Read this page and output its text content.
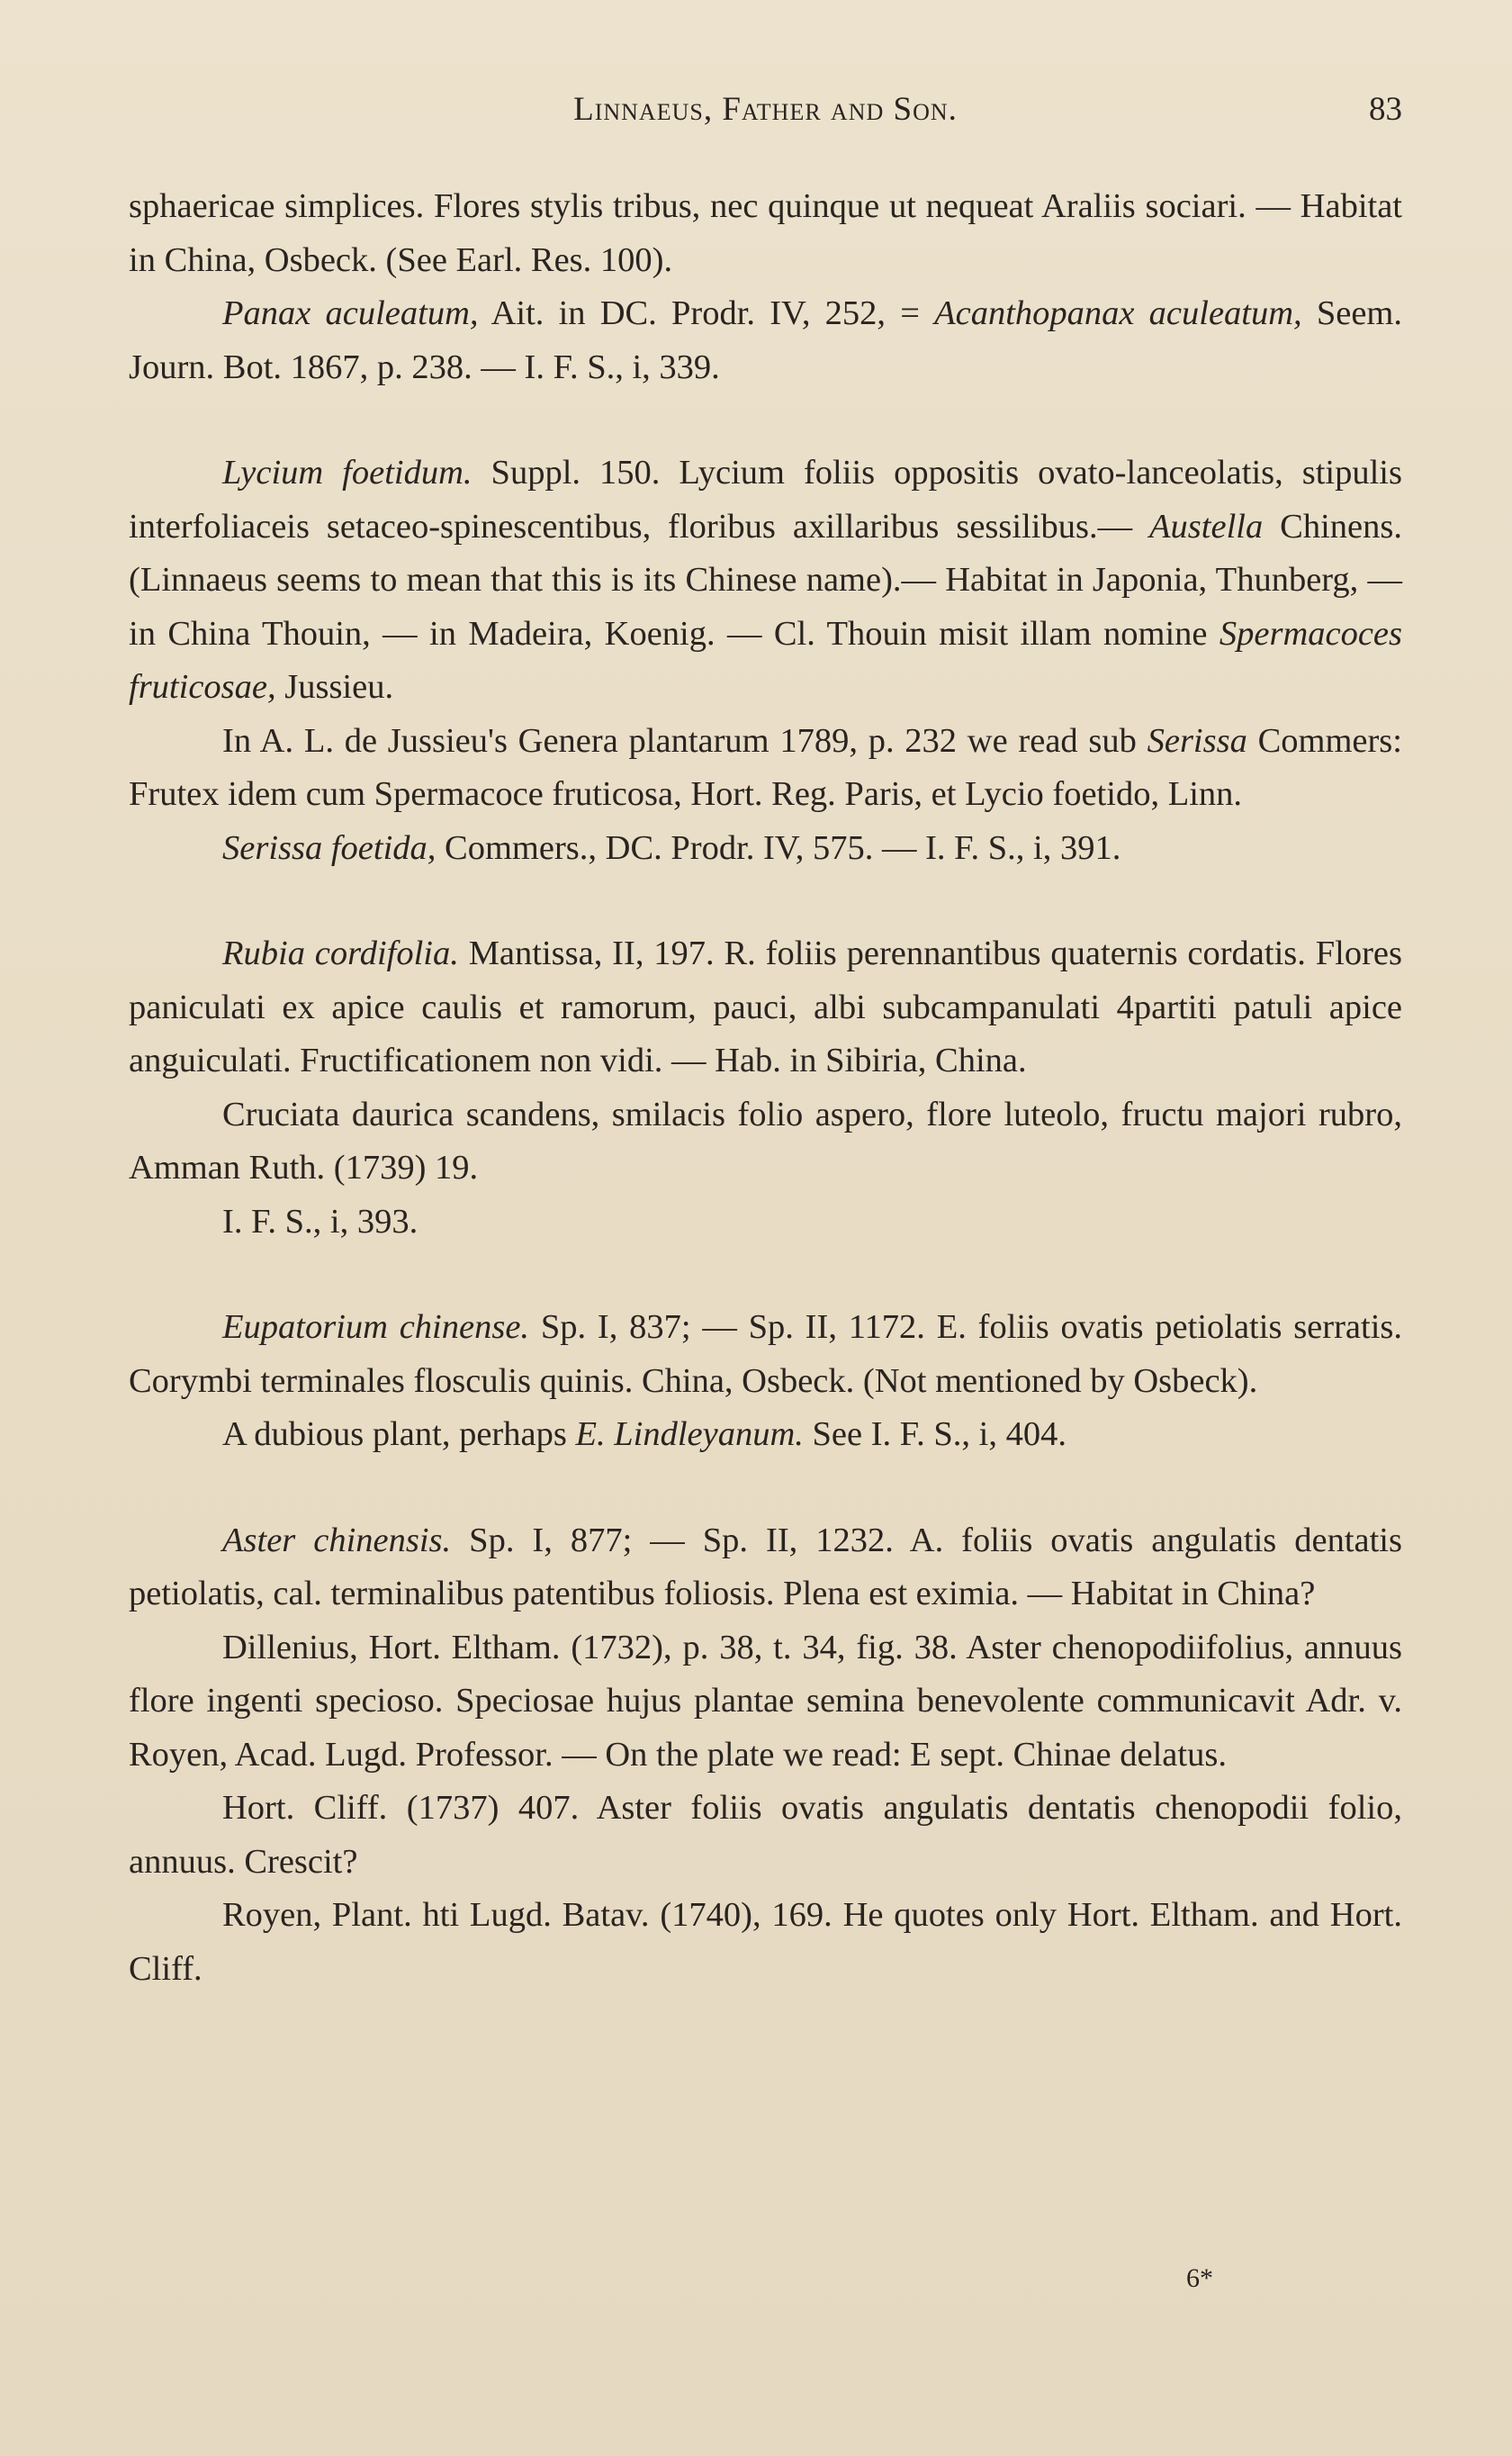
Linnaeus, Father and Son.	83

sphaericae simplices. Flores stylis tribus, nec quinque ut nequeat Araliis sociari. — Habitat in China, Osbeck. (See Earl. Res. 100).

Panax aculeatum, Ait. in DC. Prodr. IV, 252, = Acanthopanax aculeatum, Seem. Journ. Bot. 1867, p. 238. — I. F. S., i, 339.

Lycium foetidum. Suppl. 150. Lycium foliis oppositis ovato-lanceolatis, stipulis interfoliaceis setaceo-spinescentibus, floribus axillaribus sessilibus.— Austella Chinens. (Linnaeus seems to mean that this is its Chinese name).— Habitat in Japonia, Thunberg, — in China Thouin, — in Madeira, Koenig. — Cl. Thouin misit illam nomine Spermacoces fruticosae, Jussieu.

In A. L. de Jussieu's Genera plantarum 1789, p. 232 we read sub Serissa Commers: Frutex idem cum Spermacoce fruticosa, Hort. Reg. Paris, et Lycio foetido, Linn.

Serissa foetida, Commers., DC. Prodr. IV, 575. — I. F. S., i, 391.

Rubia cordifolia. Mantissa, II, 197. R. foliis perennantibus quaternis cordatis. Flores paniculati ex apice caulis et ramorum, pauci, albi subcampanulati 4partiti patuli apice anguiculati. Fructificationem non vidi. — Hab. in Sibiria, China.

Cruciata daurica scandens, smilacis folio aspero, flore luteolo, fructu majori rubro, Amman Ruth. (1739) 19.

I. F. S., i, 393.

Eupatorium chinense. Sp. I, 837; — Sp. II, 1172. E. foliis ovatis petiolatis serratis. Corymbi terminales flosculis quinis. China, Osbeck. (Not mentioned by Osbeck).

A dubious plant, perhaps E. Lindleyanum. See I. F. S., i, 404.

Aster chinensis. Sp. I, 877; — Sp. II, 1232. A. foliis ovatis angulatis dentatis petiolatis, cal. terminalibus patentibus foliosis. Plena est eximia. — Habitat in China?

Dillenius, Hort. Eltham. (1732), p. 38, t. 34, fig. 38. Aster chenopodiifolius, annuus flore ingenti specioso. Speciosae hujus plantae semina benevolente communicavit Adr. v. Royen, Acad. Lugd. Professor. — On the plate we read: E sept. Chinae delatus.

Hort. Cliff. (1737) 407. Aster foliis ovatis angulatis dentatis chenopodii folio, annuus. Crescit?

Royen, Plant. hti Lugd. Batav. (1740), 169. He quotes only Hort. Eltham. and Hort. Cliff.

6*
